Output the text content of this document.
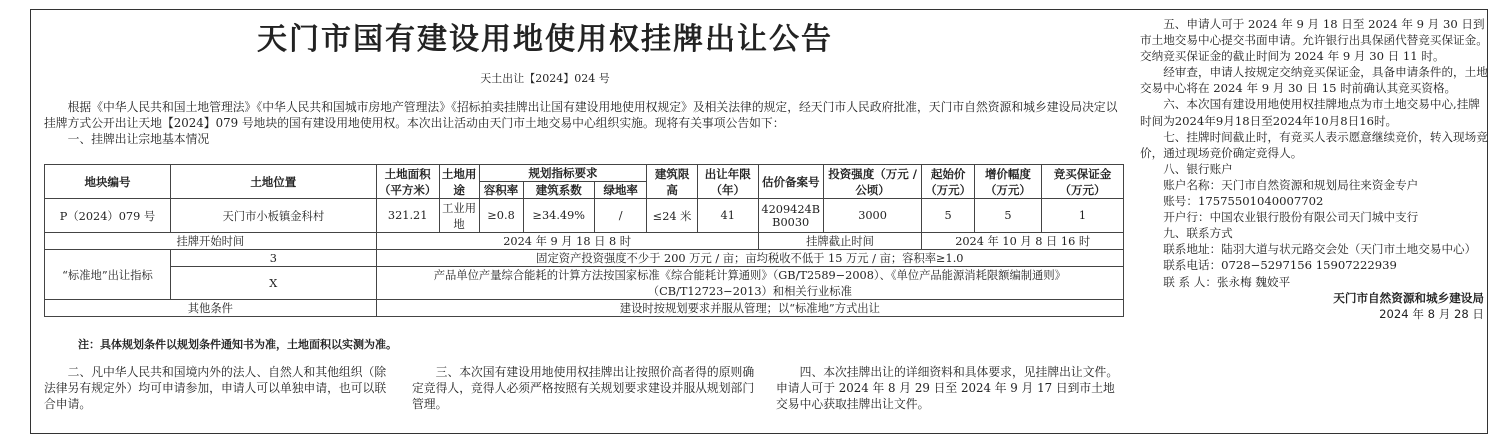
天门市国有建设用地使用权挂牌出让公告
天土出让【2024】024 号

根据《中华人民共和国土地管理法》《中华人民共和国城市房地产管理法》《招标拍卖挂牌出让国有建设用地使用权规定》及相关法律的规定，经天门市人民政府批准，天门市自然资源和城乡建设局决定以挂牌方式公开出让天地【2024】079 号地块的国有建设用地使用权。本次出让活动由天门市土地交易中心组织实施。现将有关事项公告如下：

一、挂牌出让宗地基本情况

地块编号	土地位置	土地面积（平方米）	土地用途	规划指标要求			建筑限高	出让年限（年）	估价备案号	投资强度（万元 / 公顷）	起始价（万元）	增价幅度（万元）	竞买保证金（万元）
				容积率	建筑系数	绿地率							
P（2024）079 号	天门市小板镇金科村	321.21	工业用地	≥0.8	≥34.49%	/	≤24 米	41	4209424BB0030	3000	5	5	1
挂牌开始时间		2024 年 9 月 18 日 8 时							挂牌截止时间		2024 年 10 月 8 日 16 时		
“标准地”出让指标	3	固定资产投资强度不少于 200 万元 / 亩；亩均税收不低于 15 万元 / 亩；容积率≥1.0											
	X	产品单位产量综合能耗的计算方法按国家标准《综合能耗计算通则》（GB/T2589−2008）、《单位产品能源消耗限额编制通则》（CB/T12723−2013）和相关行业标准											
其他条件		建设时按规划要求并服从管理；以“标准地”方式出让											
注：具体规划条件以规划条件通知书为准，土地面积以实测为准。

二、凡中华人民共和国境内外的法人、自然人和其他组织（除法律另有规定外）均可申请参加，申请人可以单独申请，也可以联合申请。

三、本次国有建设用地使用权挂牌出让按照价高者得的原则确定竞得人，竞得人必须严格按照有关规划要求建设并服从规划部门管理。

四、本次挂牌出让的详细资料和具体要求，见挂牌出让文件。申请人可于 2024 年 8 月 29 日至 2024 年 9 月 17 日到市土地交易中心获取挂牌出让文件。

五、申请人可于 2024 年 9 月 18 日至 2024 年 9 月 30 日到市土地交易中心提交书面申请。允许银行出具保函代替竞买保证金。交纳竞买保证金的截止时间为 2024 年 9 月 30 日 11 时。

经审查，申请人按规定交纳竞买保证金，具备申请条件的，土地交易中心将在 2024 年 9 月 30 日 15 时前确认其竞买资格。

六、本次国有建设用地使用权挂牌地点为市土地交易中心,挂牌时间为2024年9月18日至2024年10月8日16时。

七、挂牌时间截止时，有竞买人表示愿意继续竞价，转入现场竞价，通过现场竞价确定竞得人。

八、银行账户

账户名称：天门市自然资源和规划局往来资金专户

账号：17575501040007702

开户行：中国农业银行股份有限公司天门城中支行

九、联系方式

联系地址：陆羽大道与状元路交会处（天门市土地交易中心）

联系电话：0728−5297156 15907222939

联 系 人：张永梅 魏姣平

天门市自然资源和城乡建设局
2024 年 8 月 28 日
